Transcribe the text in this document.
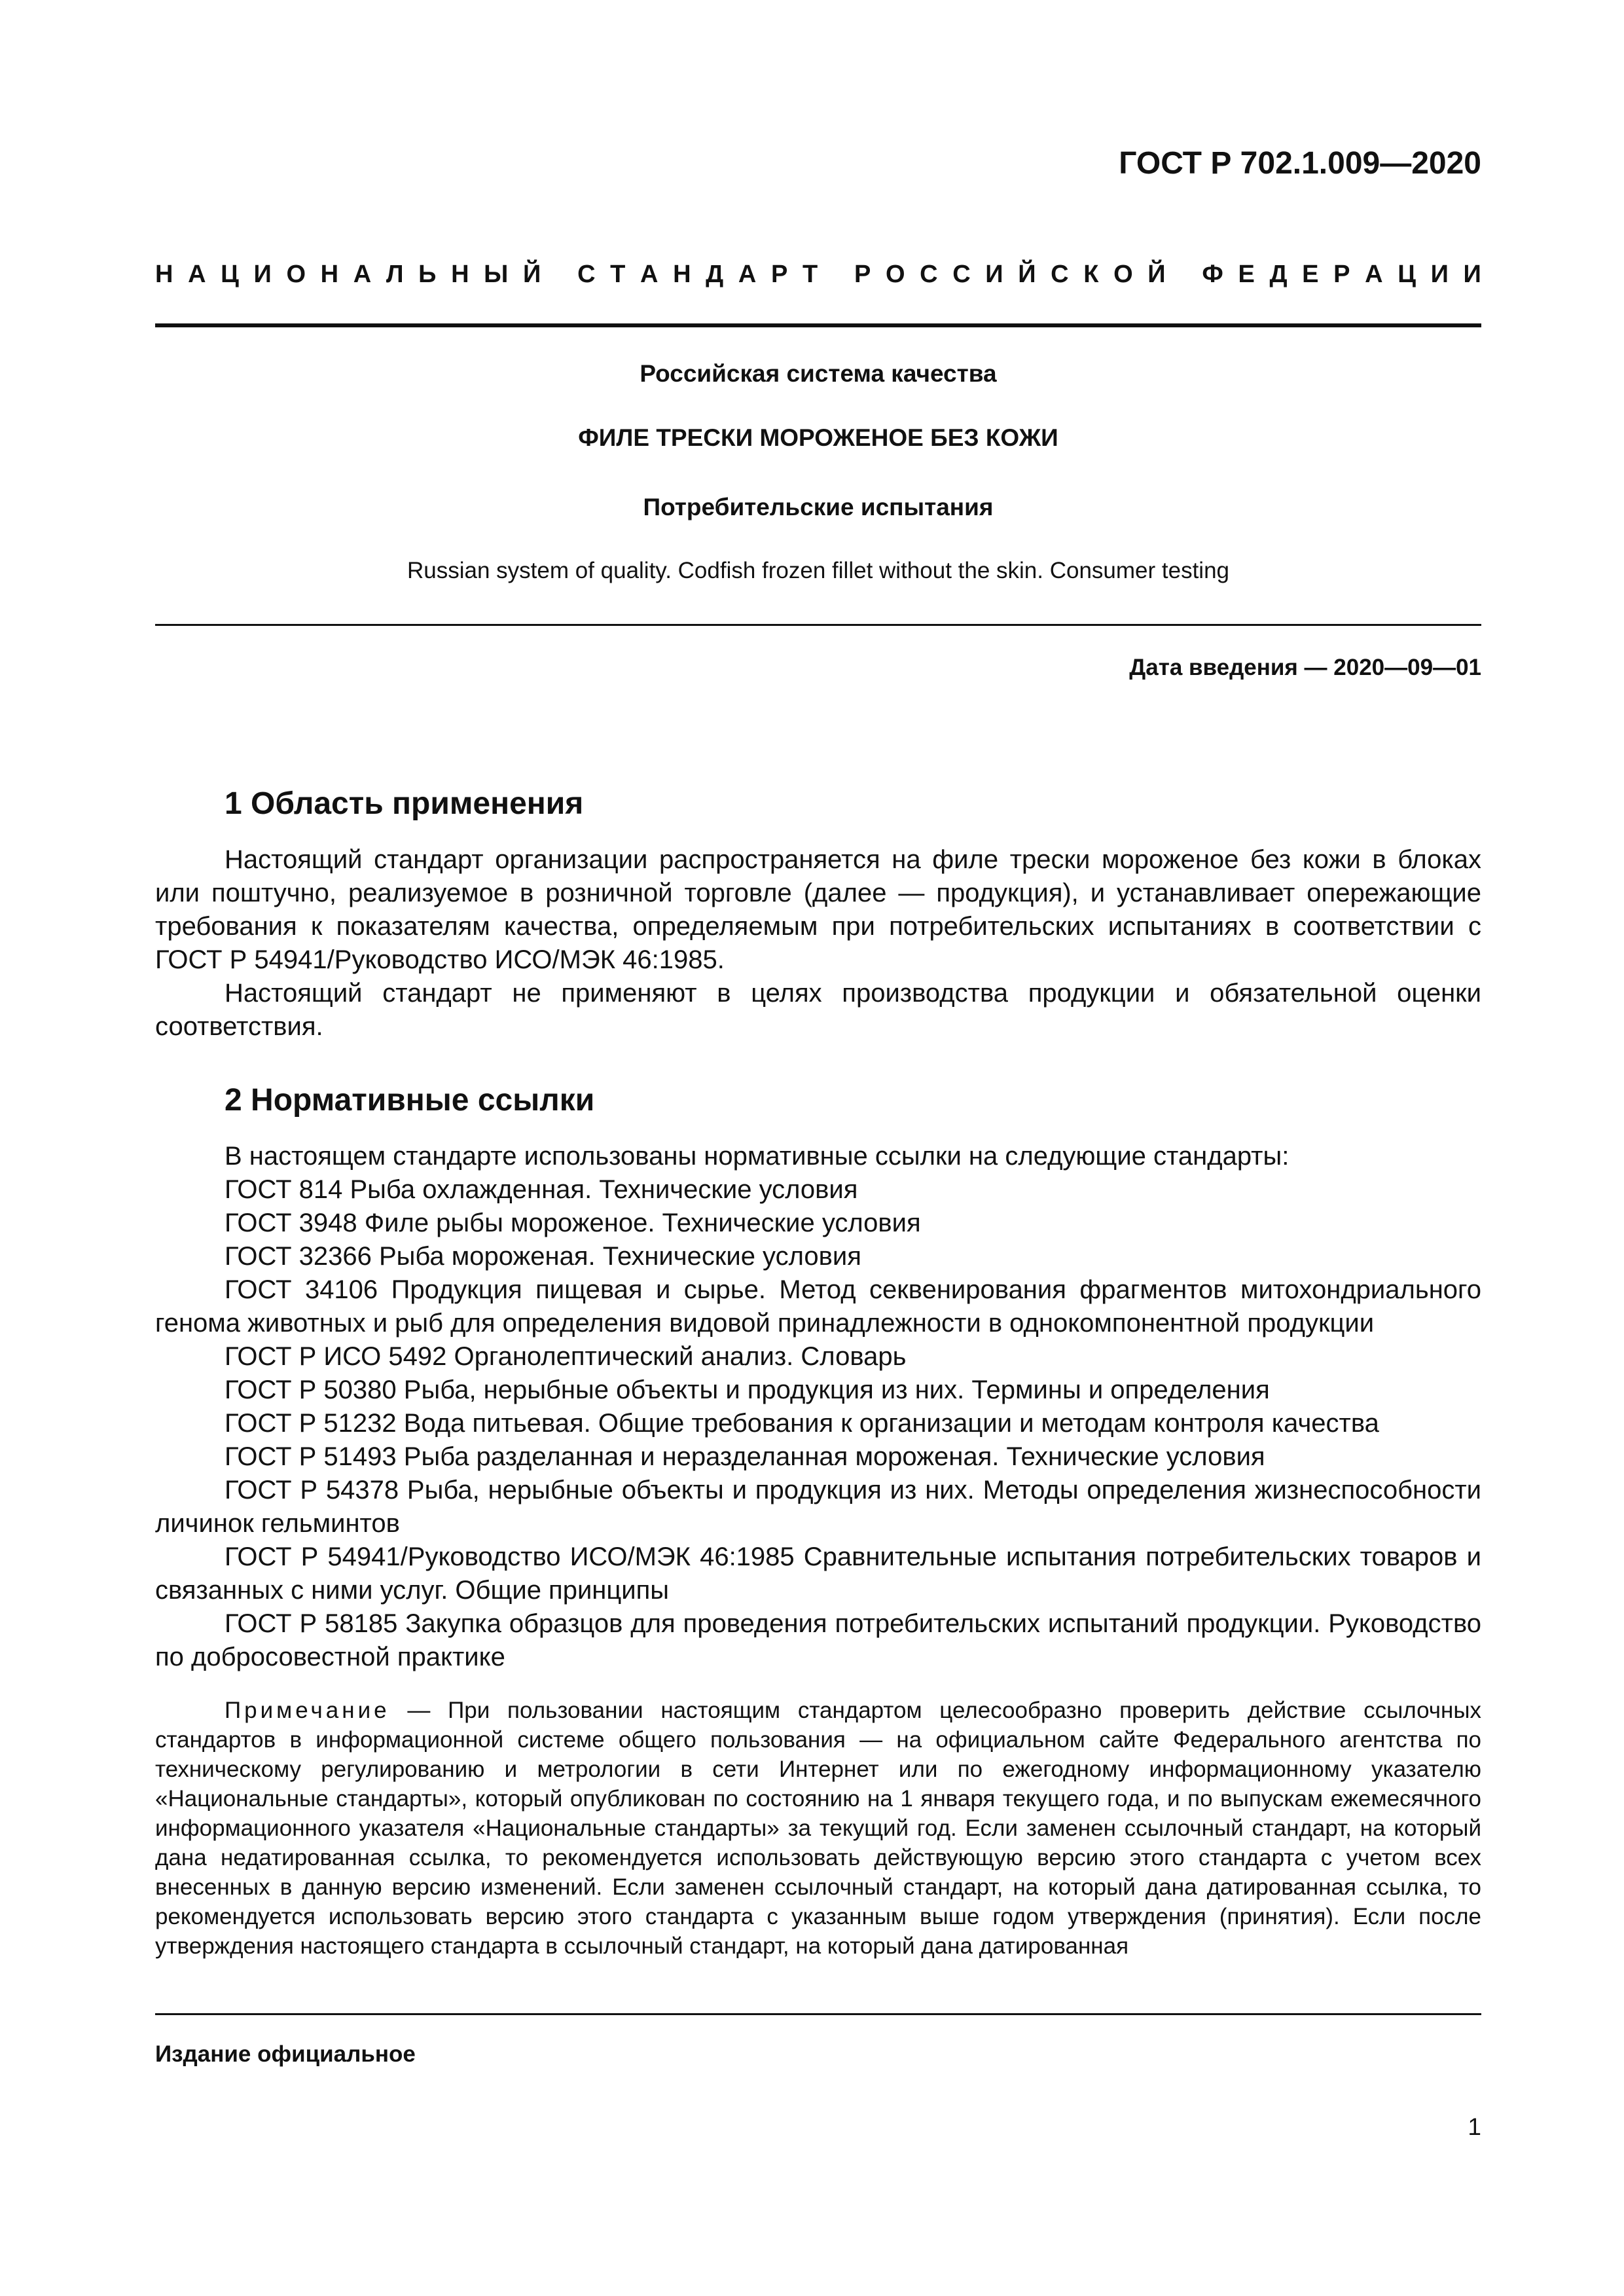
ГОСТ Р 702.1.009—2020
Н А Ц И О Н А Л Ь Н Ы Й
С Т А Н Д А Р Т
Р О С С И Й С К О Й
Ф Е Д Е Р А Ц И И
Российская система качества
ФИЛЕ ТРЕСКИ МОРОЖЕНОЕ БЕЗ КОЖИ
Потребительские испытания
Russian system of quality. Codfish frozen fillet without the skin. Consumer testing
Дата введения — 2020—09—01
1 Область применения

Настоящий стандарт организации распространяется на филе трески мороженое без кожи в блоках или поштучно, реализуемое в розничной торговле (далее — продукция), и устанавливает опережающие требования к показателям качества, определяемым при потребительских испытаниях в соответствии с ГОСТ Р 54941/Руководство ИСО/МЭК 46:1985.

Настоящий стандарт не применяют в целях производства продукции и обязательной оценки соответствия.

2 Нормативные ссылки

В настоящем стандарте использованы нормативные ссылки на следующие стандарты:

ГОСТ 814 Рыба охлажденная. Технические условия

ГОСТ 3948 Филе рыбы мороженое. Технические условия

ГОСТ 32366 Рыба мороженая. Технические условия

ГОСТ 34106 Продукция пищевая и сырье. Метод секвенирования фрагментов митохондриального генома животных и рыб для определения видовой принадлежности в однокомпонентной продукции

ГОСТ Р ИСО 5492 Органолептический анализ. Словарь

ГОСТ Р 50380 Рыба, нерыбные объекты и продукция из них. Термины и определения

ГОСТ Р 51232 Вода питьевая. Общие требования к организации и методам контроля качества

ГОСТ Р 51493 Рыба разделанная и неразделанная мороженая. Технические условия

ГОСТ Р 54378 Рыба, нерыбные объекты и продукция из них. Методы определения жизнеспособности личинок гельминтов

ГОСТ Р 54941/Руководство ИСО/МЭК 46:1985 Сравнительные испытания потребительских товаров и связанных с ними услуг. Общие принципы

ГОСТ Р 58185 Закупка образцов для проведения потребительских испытаний продукции. Руководство по добросовестной практике

Примечание — При пользовании настоящим стандартом целесообразно проверить действие ссылочных стандартов в информационной системе общего пользования — на официальном сайте Федерального агентства по техническому регулированию и метрологии в сети Интернет или по ежегодному информационному указателю «Национальные стандарты», который опубликован по состоянию на 1 января текущего года, и по выпускам ежемесячного информационного указателя «Национальные стандарты» за текущий год. Если заменен ссылочный стандарт, на который дана недатированная ссылка, то рекомендуется использовать действующую версию этого стандарта с учетом всех внесенных в данную версию изменений. Если заменен ссылочный стандарт, на который дана датированная ссылка, то рекомендуется использовать версию этого стандарта с указанным выше годом утверждения (принятия). Если после утверждения настоящего стандарта в ссылочный стандарт, на который дана датированная

Издание официальное
1
